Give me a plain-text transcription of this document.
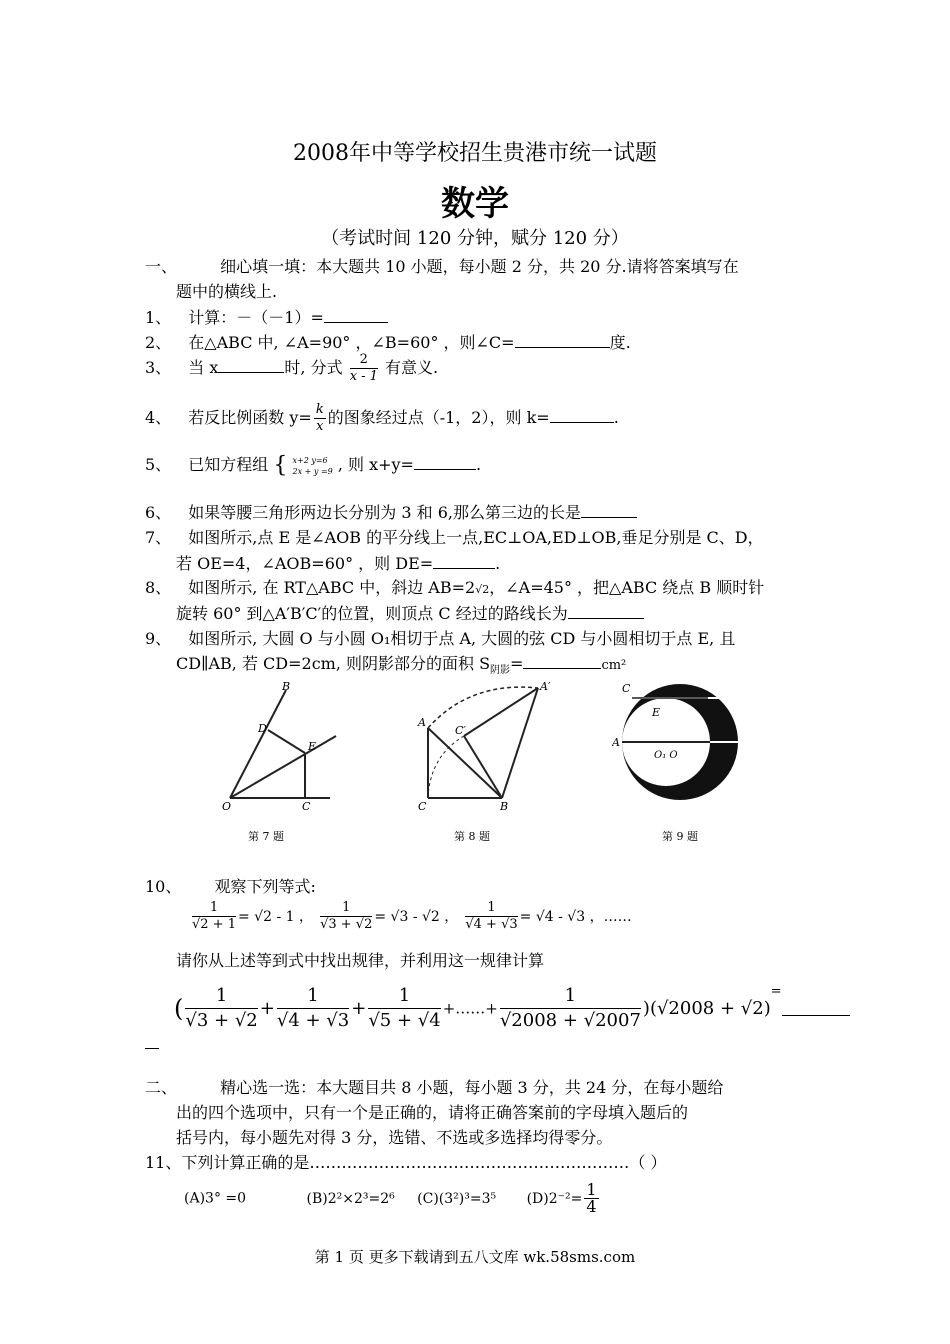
2008年中等学校招生贵港市统一试题
数学
（考试时间 120 分钟，赋分 120 分）
一、	细心填一填：本大题共 10 小题，每小题 2 分，共 20 分.请将答案填写在
题中的横线上.
1、 计算：－（－1）=
2、 在△ABC 中, ∠A=90° ，∠B=60° ，则∠C=	度.
3、 当 x	时, 分式 $\frac{2}{x - 1}$ 有意义.
4、 若反比例函数 $y= \frac{k}{x}$ 的图象经过点（-1，2），则 k=	.
5、 已知方程组 { x+2 y=6
2x + y =9 , 则 x+y=	.
6、 如果等腰三角形两边长分别为 3 和 6,那么第三边的长是
7、 如图所示,点 E 是∠AOB 的平分线上一点,EC⊥OA,ED⊥OB,垂足分别是 C、D，
若 OE=4，∠AOB=60° ，则 DE=	.
8、 如图所示, 在 RT△ABC 中，斜边 AB=2√2，∠A=45° ，把△ABC 绕点 B 顺时针
旋转 60° 到△A′B′C′的位置，则顶点 C 经过的路线长为
9、 如图所示, 大圆 O 与小圆 O₁相切于点 A, 大圆的弦 CD 与小圆相切于点 E, 且
CD∥AB, 若 CD=2cm, 则阴影部分的面积 $S_{阴影}=$	cm²
B
D
E
O	C
第 7 题
A′
A
C′
C	B
第 8 题
C
E
D
A	B
O₁ O
第 9 题
10、 观察下列等式:
$\frac{1}{√2 + 1} = √2 - 1$ ， $\frac{1}{√3 + √2} = √3 - √2$ ， $\frac{1}{√4 + √3} = √4 - √3$ ，……
请你从上述等到式中找出规律，并利用这一规律计算
( $\frac{1}{√3 + √2} + \frac{1}{√4 + √3} + \frac{1}{√5 + √4}$ +……+ $\frac{1}{√2008 + √2007} )(√2008 + √2)^=$
二、	精心选一选：本大题目共 8 小题，每小题 3 分，共 24 分，在每小题给
出的四个选项中，只有一个是正确的，请将正确答案前的字母填入题后的
括号内，每小题先对得 3 分，选错、不选或多选择均得零分。
11、下列计算正确的是……………………………………………………（ ）
(A)3° =0	(B)2²×2³=2⁶ (C)(3²)³=3⁵ $(D)2^{-2}= \frac{1}{4}$
第 1 页 更多下载请到五八文库 wk.58sms.com
